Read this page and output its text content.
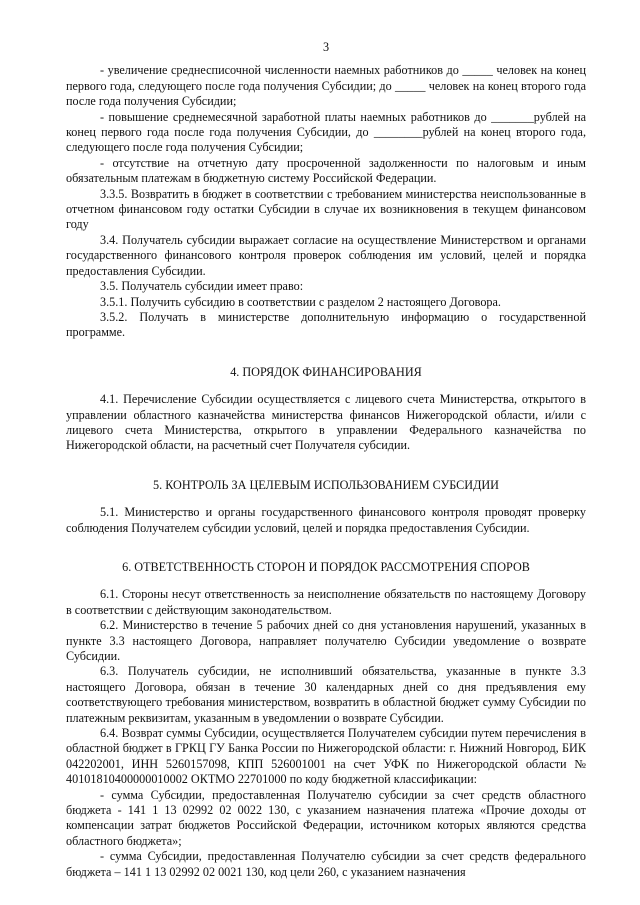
3

- увеличение среднесписочной численности наемных работников до _____ человек на конец первого года, следующего после года получения Субсидии; до _____ человек на конец второго года после года получения Субсидии;

- повышение среднемесячной заработной платы наемных работников до _______рублей на конец первого года после года получения Субсидии, до ________рублей на конец второго года, следующего после года получения Субсидии;

- отсутствие на отчетную дату просроченной задолженности по налоговым и иным обязательным платежам в бюджетную систему Российской Федерации.

3.3.5. Возвратить в бюджет в соответствии с требованием министерства неиспользованные в отчетном финансовом году остатки Субсидии в случае их возникновения в текущем финансовом году

3.4. Получатель субсидии выражает согласие на осуществление Министерством и органами государственного финансового контроля проверок соблюдения им условий, целей и порядка предоставления Субсидии.

3.5. Получатель субсидии имеет право:

3.5.1. Получить субсидию в соответствии с разделом 2 настоящего Договора.

3.5.2. Получать в министерстве дополнительную информацию о государственной программе.

4. ПОРЯДОК ФИНАНСИРОВАНИЯ

4.1. Перечисление Субсидии осуществляется с лицевого счета Министерства, открытого в управлении областного казначейства министерства финансов Нижегородской области, и/или с лицевого счета Министерства, открытого в управлении Федерального казначейства по Нижегородской области, на расчетный счет Получателя субсидии.

5. КОНТРОЛЬ ЗА ЦЕЛЕВЫМ ИСПОЛЬЗОВАНИЕМ СУБСИДИИ

5.1. Министерство и органы государственного финансового контроля проводят проверку соблюдения Получателем субсидии условий, целей и порядка предоставления Субсидии.

6. ОТВЕТСТВЕННОСТЬ СТОРОН И ПОРЯДОК РАССМОТРЕНИЯ СПОРОВ

6.1. Стороны несут ответственность за неисполнение обязательств по настоящему Договору в соответствии с действующим законодательством.

6.2. Министерство в течение 5 рабочих дней со дня установления нарушений, указанных в пункте 3.3 настоящего Договора, направляет получателю Субсидии уведомление о возврате Субсидии.

6.3. Получатель субсидии, не исполнивший обязательства, указанные в пункте 3.3 настоящего Договора, обязан в течение 30 календарных дней со дня предъявления ему соответствующего требования министерством, возвратить в областной бюджет сумму Субсидии по платежным реквизитам, указанным в уведомлении о возврате Субсидии.

6.4. Возврат суммы Субсидии, осуществляется Получателем субсидии путем перечисления в областной бюджет в ГРКЦ ГУ Банка России по Нижегородской области: г. Нижний Новгород, БИК 042202001, ИНН 5260157098, КПП 526001001 на счет УФК по Нижегородской области № 40101810400000010002 ОКТМО 22701000 по коду бюджетной классификации:

- сумма Субсидии, предоставленная Получателю субсидии за счет средств областного бюджета - 141 1 13 02992 02 0022 130, с указанием назначения платежа «Прочие доходы от компенсации затрат бюджетов Российской Федерации, источником которых являются средства областного бюджета»;

- сумма Субсидии, предоставленная Получателю субсидии за счет средств федерального бюджета – 141 1 13 02992 02 0021 130, код цели 260, с указанием назначения
